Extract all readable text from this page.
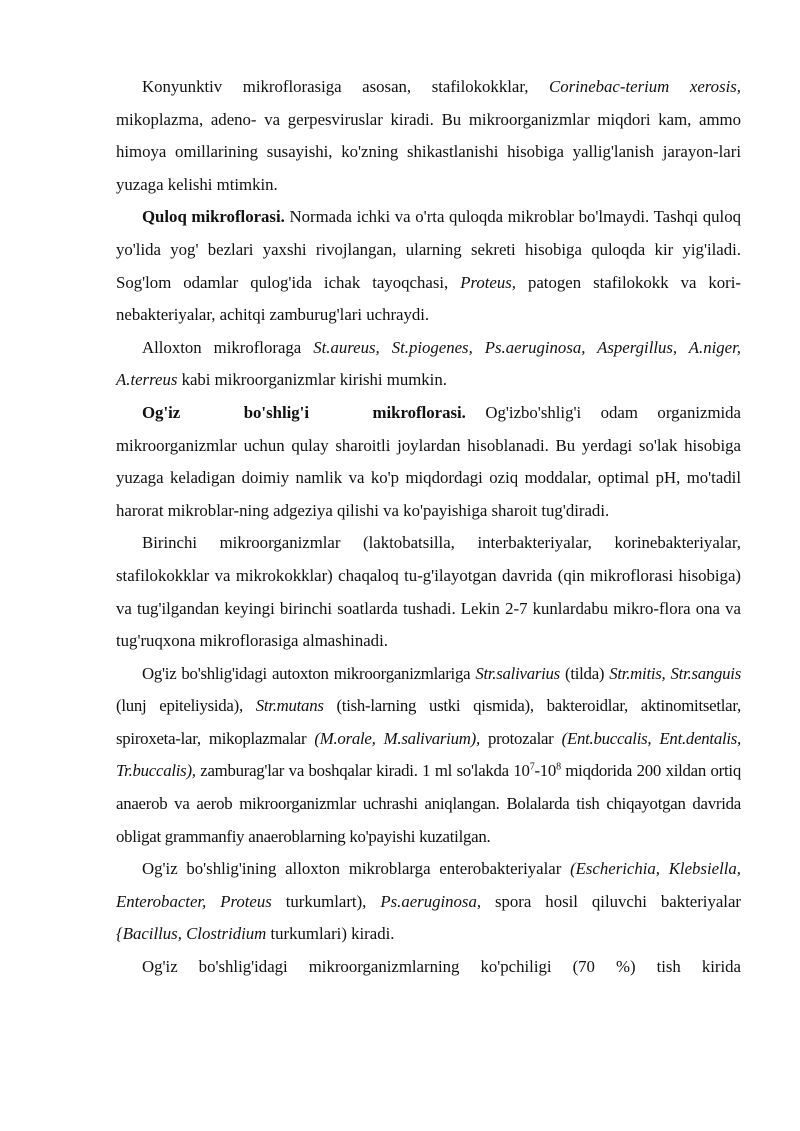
Konyunktiv mikroflorasiga asosan, stafilokokklar, Corinebac-terium xerosis, mikoplazma, adeno- va gerpesviruslar kiradi. Bu mikroorganizmlar miqdori kam, ammo himoya omillarining susayishi, ko'zning shikastlanishi hisobiga yallig'lanish jarayon-lari yuzaga kelishi mtimkin.

Quloq mikroflorasi. Normada ichki va o'rta quloqda mikroblar bo'lmaydi. Tashqi quloq yo'lida yog' bezlari yaxshi rivojlangan, ularning sekreti hisobiga quloqda kir yig'iladi. Sog'lom odamlar qulog'ida ichak tayoqchasi, Proteus, patogen stafilokokk va kori-nebakteriyalar, achitqi zamburug'lari uchraydi.

Alloxton mikrofloraga St.aureus, St.piogenes, Ps.aeruginosa, Aspergillus, A.niger, A.terreus kabi mikroorganizmlar kirishi mumkin.

Og'iz bo'shlig'i mikroflorasi. Og'izbo'shlig'i odam organizmida mikroorganizmlar uchun qulay sharoitli joylardan hisoblanadi. Bu yerdagi so'lak hisobiga yuzaga keladigan doimiy namlik va ko'p miqdordagi oziq moddalar, optimal pH, mo'tadil harorat mikroblar-ning adgeziya qilishi va ko'payishiga sharoit tug'diradi.

Birinchi mikroorganizmlar (laktobatsilla, interbakteriyalar, korinebakteriyalar, stafilokokklar va mikrokokklar) chaqaloq tu-g'ilayotgan davrida (qin mikroflorasi hisobiga) va tug'ilgandan keyingi birinchi soatlarda tushadi. Lekin 2-7 kunlardabu mikro-flora ona va tug'ruqxona mikroflorasiga almashinadi.

Og'iz bo'shlig'idagi autoxton mikroorganizmlariga Str.salivarius (tilda) Str.mitis, Str.sanguis (lunj epiteliysida), Str.mutans (tish-larning ustki qismida), bakteroidlar, aktinomitsetlar, spiroxeta-lar, mikoplazmalar (M.orale, M.salivarium), protozalar (Ent.buccalis, Ent.dentalis, Tr.buccalis), zamburag'lar va boshqalar kiradi. 1 ml so'lakda $10^7-10^8$ miqdorida 200 xildan ortiq anaerob va aerob mikroorganizmlar uchrashi aniqlangan. Bolalarda tish chiqayotgan davrida obligat grammanfiy anaeroblarning ko'payishi kuzatilgan.

Og'iz bo'shlig'ining alloxton mikroblarga enterobakteriyalar (Escherichia, Klebsiella, Enterobacter, Proteus turkumlart), Ps.aeruginosa, spora hosil qiluvchi bakteriyalar {Bacillus, Clostridium turkumlari) kiradi.

Og'iz bo'shlig'idagi mikroorganizmlarning ko'pchiligi (70 %) tish kirida
